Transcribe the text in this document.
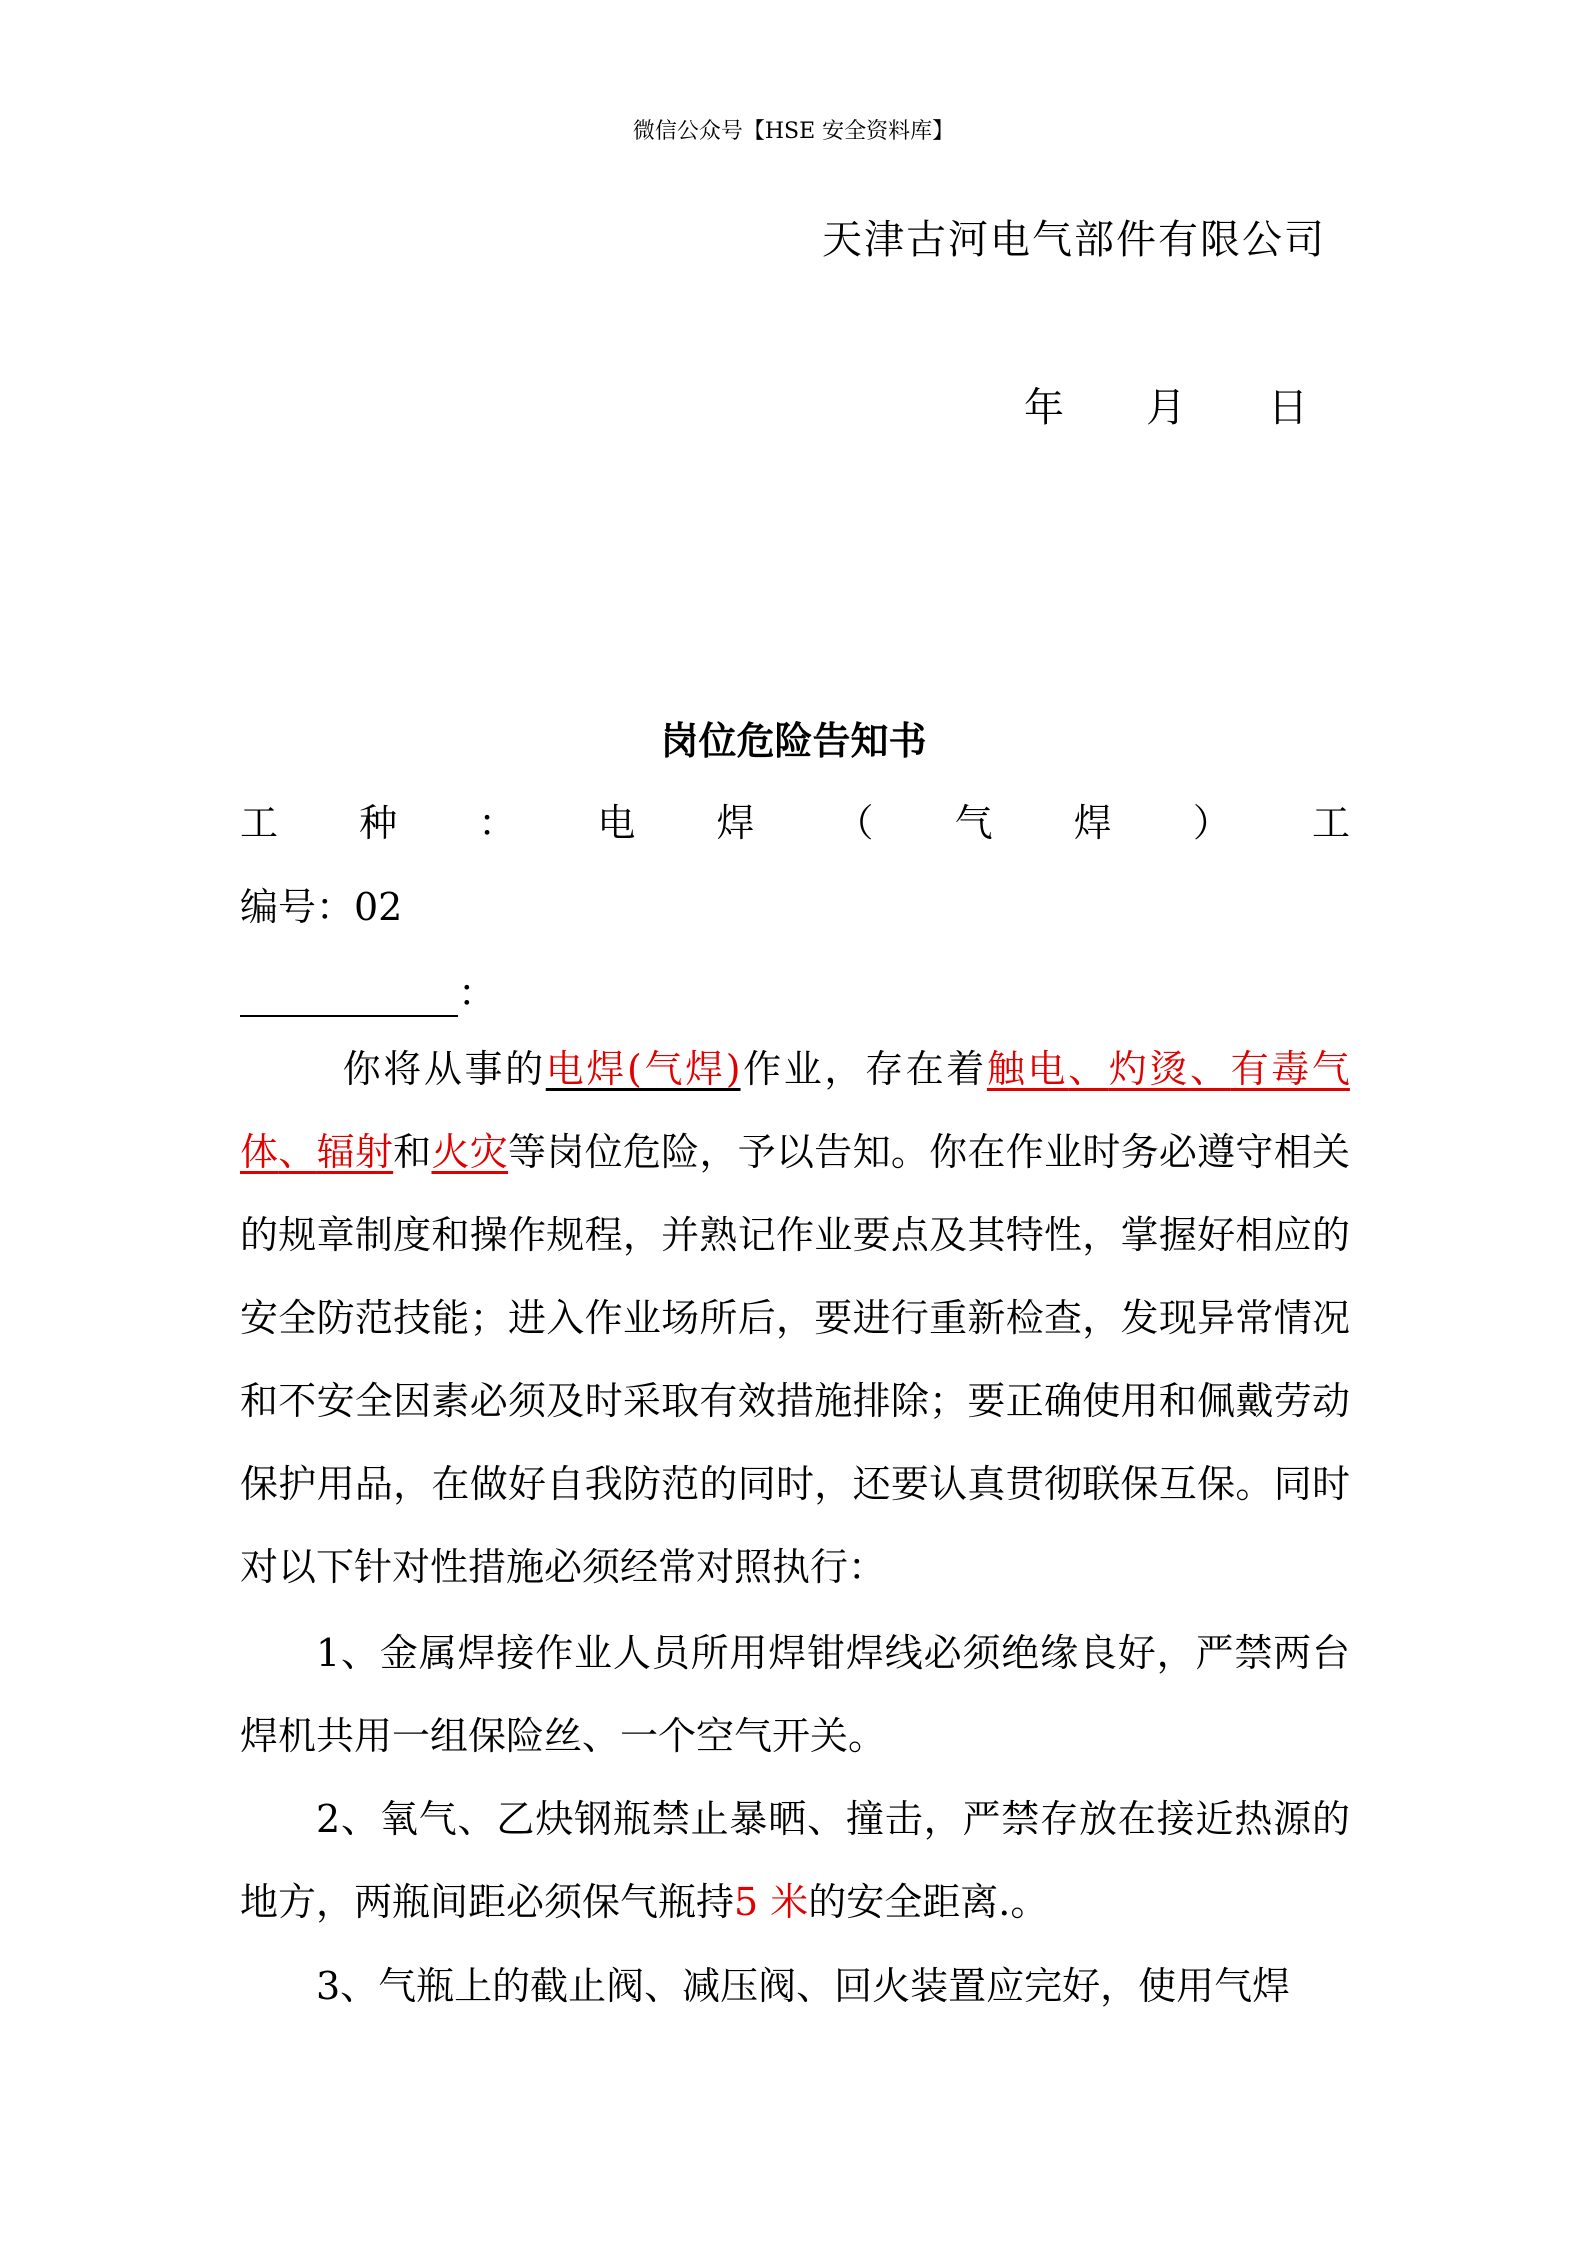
微信公众号【HSE 安全资料库】
天津古河电气部件有限公司
年 月 日
岗位危险告知书
工 种 ： 电 焊 （ 气 焊 ） 工
编号：02
：
你将从事的电焊(气焊)作业，存在着触电、灼烫、有毒气体、辐射和火灾等岗位危险，予以告知。你在作业时务必遵守相关的规章制度和操作规程，并熟记作业要点及其特性，掌握好相应的安全防范技能；进入作业场所后，要进行重新检查，发现异常情况和不安全因素必须及时采取有效措施排除；要正确使用和佩戴劳动保护用品，在做好自我防范的同时，还要认真贯彻联保互保。同时对以下针对性措施必须经常对照执行：
1、金属焊接作业人员所用焊钳焊线必须绝缘良好，严禁两台焊机共用一组保险丝、一个空气开关。
2、氧气、乙炔钢瓶禁止暴晒、撞击，严禁存放在接近热源的地方，两瓶间距必须保气瓶持5 米的安全距离.。
3、气瓶上的截止阀、减压阀、回火装置应完好，使用气焊
